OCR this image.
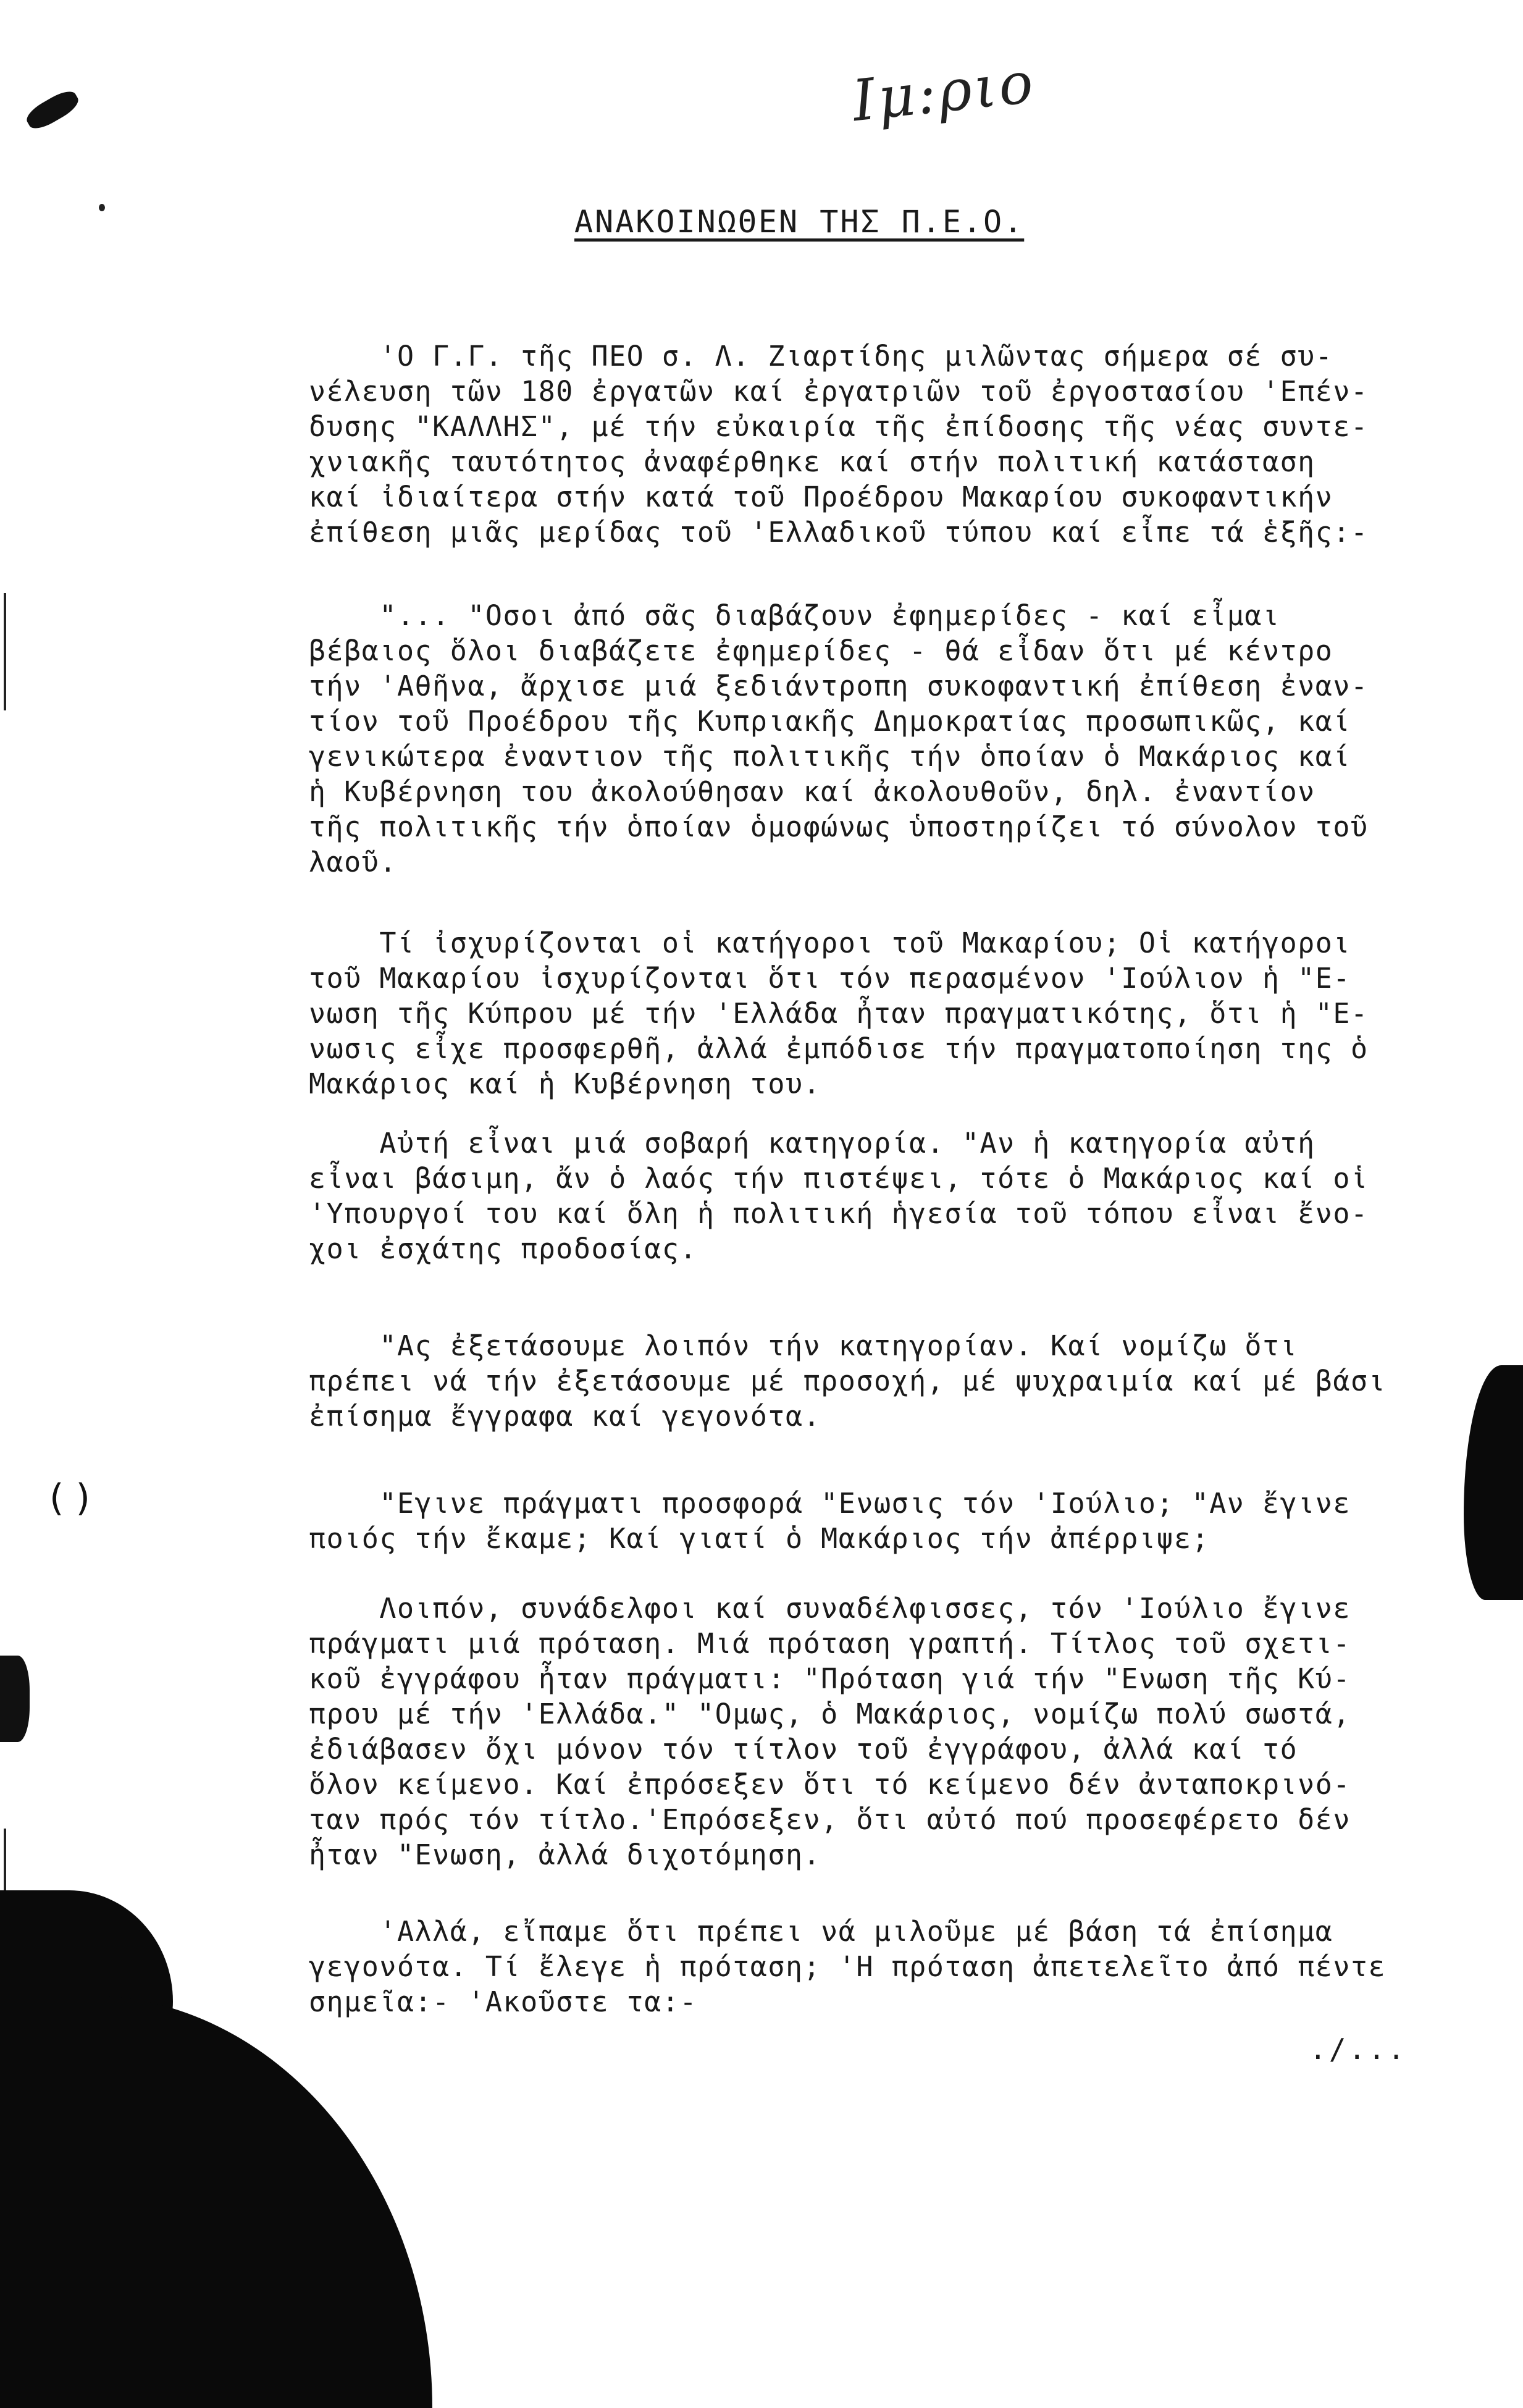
( )
Ιμ:ριο
ΑΝΑΚΟΙΝΩΘΕΝ ΤΗΣ Π.Ε.Ο.
'Ο Γ.Γ. τῆς ΠΕΟ σ. Λ. Ζιαρτίδης μιλῶντας σήμερα σέ συ-
νέλευση τῶν 180 ἐργατῶν καί ἐργατριῶν τοῦ ἐργοστασίου 'Επέν-
δυσης "ΚΑΛΛΗΣ", μέ τήν εὐκαιρία τῆς ἐπίδοσης τῆς νέας συντε-
χνιακῆς ταυτότητος ἀναφέρθηκε καί στήν πολιτική κατάσταση
καί ἰδιαίτερα στήν κατά τοῦ Προέδρου Μακαρίου συκοφαντικήν
ἐπίθεση μιᾶς μερίδας τοῦ 'Ελλαδικοῦ τύπου καί εἶπε τά ἑξῆς:-
"... "Οσοι ἀπό σᾶς διαβάζουν ἐφημερίδες - καί εἶμαι
βέβαιος ὅλοι διαβάζετε ἐφημερίδες - θά εἶδαν ὅτι μέ κέντρο
τήν 'Αθῆνα, ἄρχισε μιά ξεδιάντροπη συκοφαντική ἐπίθεση ἐναν-
τίον τοῦ Προέδρου τῆς Κυπριακῆς Δημοκρατίας προσωπικῶς, καί
γενικώτερα ἐναντιον τῆς πολιτικῆς τήν ὁποίαν ὁ Μακάριος καί
ἡ Κυβέρνηση του ἀκολούθησαν καί ἀκολουθοῦν, δηλ. ἐναντίον
τῆς πολιτικῆς τήν ὁποίαν ὁμοφώνως ὑποστηρίζει τό σύνολον τοῦ
λαοῦ.
Τί ἰσχυρίζονται οἱ κατήγοροι τοῦ Μακαρίου; Οἱ κατήγοροι
τοῦ Μακαρίου ἰσχυρίζονται ὅτι τόν περασμένον 'Ιούλιον ἡ "Ε-
νωση τῆς Κύπρου μέ τήν 'Ελλάδα ἦταν πραγματικότης, ὅτι ἡ "Ε-
νωσις εἶχε προσφερθῆ, ἀλλά ἐμπόδισε τήν πραγματοποίηση της ὁ
Μακάριος καί ἡ Κυβέρνηση του.
Αὐτή εἶναι μιά σοβαρή κατηγορία. "Αν ἡ κατηγορία αὐτή
εἶναι βάσιμη, ἄν ὁ λαός τήν πιστέψει, τότε ὁ Μακάριος καί οἱ
'Υπουργοί του καί ὅλη ἡ πολιτική ἡγεσία τοῦ τόπου εἶναι ἔνο-
χοι ἐσχάτης προδοσίας.
"Ας ἐξετάσουμε λοιπόν τήν κατηγορίαν. Καί νομίζω ὅτι
πρέπει νά τήν ἐξετάσουμε μέ προσοχή, μέ ψυχραιμία καί μέ βάσι
ἐπίσημα ἔγγραφα καί γεγονότα.
"Εγινε πράγματι προσφορά "Ενωσις τόν 'Ιούλιο; "Αν ἔγινε
ποιός τήν ἔκαμε; Καί γιατί ὁ Μακάριος τήν ἀπέρριψε;
Λοιπόν, συνάδελφοι καί συναδέλφισσες, τόν 'Ιούλιο ἔγινε
πράγματι μιά πρόταση. Μιά πρόταση γραπτή. Τίτλος τοῦ σχετι-
κοῦ ἐγγράφου ἦταν πράγματι: "Πρόταση γιά τήν "Ενωση τῆς Κύ-
πρου μέ τήν 'Ελλάδα." "Ομως, ὁ Μακάριος, νομίζω πολύ σωστά,
ἐδιάβασεν ὄχι μόνον τόν τίτλον τοῦ ἐγγράφου, ἀλλά καί τό
ὅλον κείμενο. Καί ἐπρόσεξεν ὅτι τό κείμενο δέν ἀνταποκρινό-
ταν πρός τόν τίτλο.'Επρόσεξεν, ὅτι αὐτό πού προσεφέρετο δέν
ἦταν "Ενωση, ἀλλά διχοτόμηση.
'Αλλά, εἴπαμε ὅτι πρέπει νά μιλοῦμε μέ βάση τά ἐπίσημα
γεγονότα. Τί ἔλεγε ἡ πρόταση; 'Η πρόταση ἀπετελεῖτο ἀπό πέντε
σημεῖα:- 'Ακοῦστε τα:-
./...
